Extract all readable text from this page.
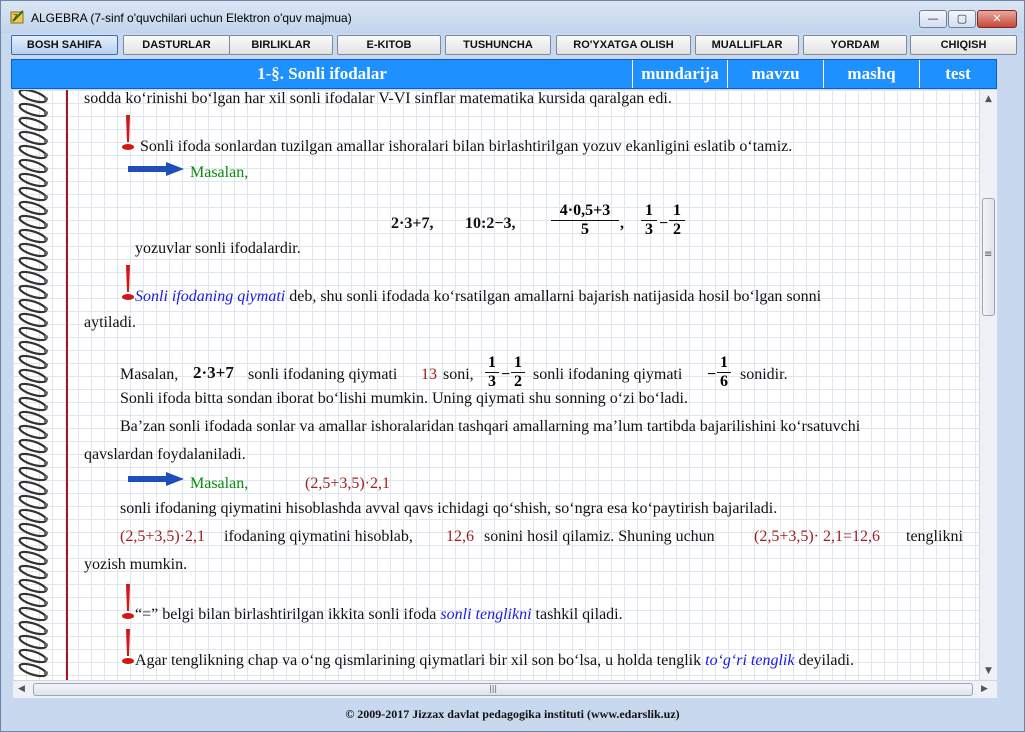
7 ALGEBRA (7-sinf o'quvchilari uchun Elektron o'quv majmua)	—	▢	✕
BOSH SAHIFA	DASTURLAR	BIRLIKLAR	E-KITOB	TUSHUNCHA	RO'YXATGA OLISH	MUALLIFLAR	YORDAM	CHIQISH
1-§. Sonli ifodalar	mundarija	mavzu	mashq	test
sodda ko‘rinishi bo‘lgan har xil sonli ifodalar V-VI sinflar matematika kursida qaralgan edi.
Sonli ifoda sonlardan tuzilgan amallar ishoralari bilan birlashtirilgan yozuv ekanligini eslatib o‘tamiz.
Masalan,
2·3+7, 10:2−3, $\frac{4\cdot 0,5+3}{5}$ , $\frac{1}{3} - \frac{1}{2}$
yozuvlar sonli ifodalardir.
Sonli ifodaning qiymati deb, shu sonli ifodada ko‘rsatilgan amallarni bajarish natijasida hosil bo‘lgan sonni
aytiladi.
Masalan, 2·3+7 sonli ifodaning qiymati 13 soni, $\frac{1}{3} - \frac{1}{2}$ sonli ifodaning qiymati − $\frac{1}{6}$ sonidir.
Sonli ifoda bitta sondan iborat bo‘lishi mumkin. Uning qiymati shu sonning o‘zi bo‘ladi.
Ba’zan sonli ifodada sonlar va amallar ishoralaridan tashqari amallarning ma’lum tartibda bajarilishini ko‘rsatuvchi
qavslardan foydalaniladi.
Masalan,	(2,5+3,5)·2,1
sonli ifodaning qiymatini hisoblashda avval qavs ichidagi qo‘shish, so‘ngra esa ko‘paytirish bajariladi.
(2,5+3,5)·2,1 ifodaning qiymatini hisoblab, 12,6 sonini hosil qilamiz. Shuning uchun (2,5+3,5)· 2,1=12,6 tenglikni
yozish mumkin.
“=” belgi bilan birlashtirilgan ikkita sonli ifoda sonli tenglikni tashkil qiladi.
Agar tenglikning chap va o‘ng qismlarining qiymatlari bir xil son bo‘lsa, u holda tenglik to‘g‘ri tenglik deyiladi.
▲
≡
▼
◀	|||	▶
© 2009-2017 Jizzax davlat pedagogika instituti (www.edarslik.uz)
